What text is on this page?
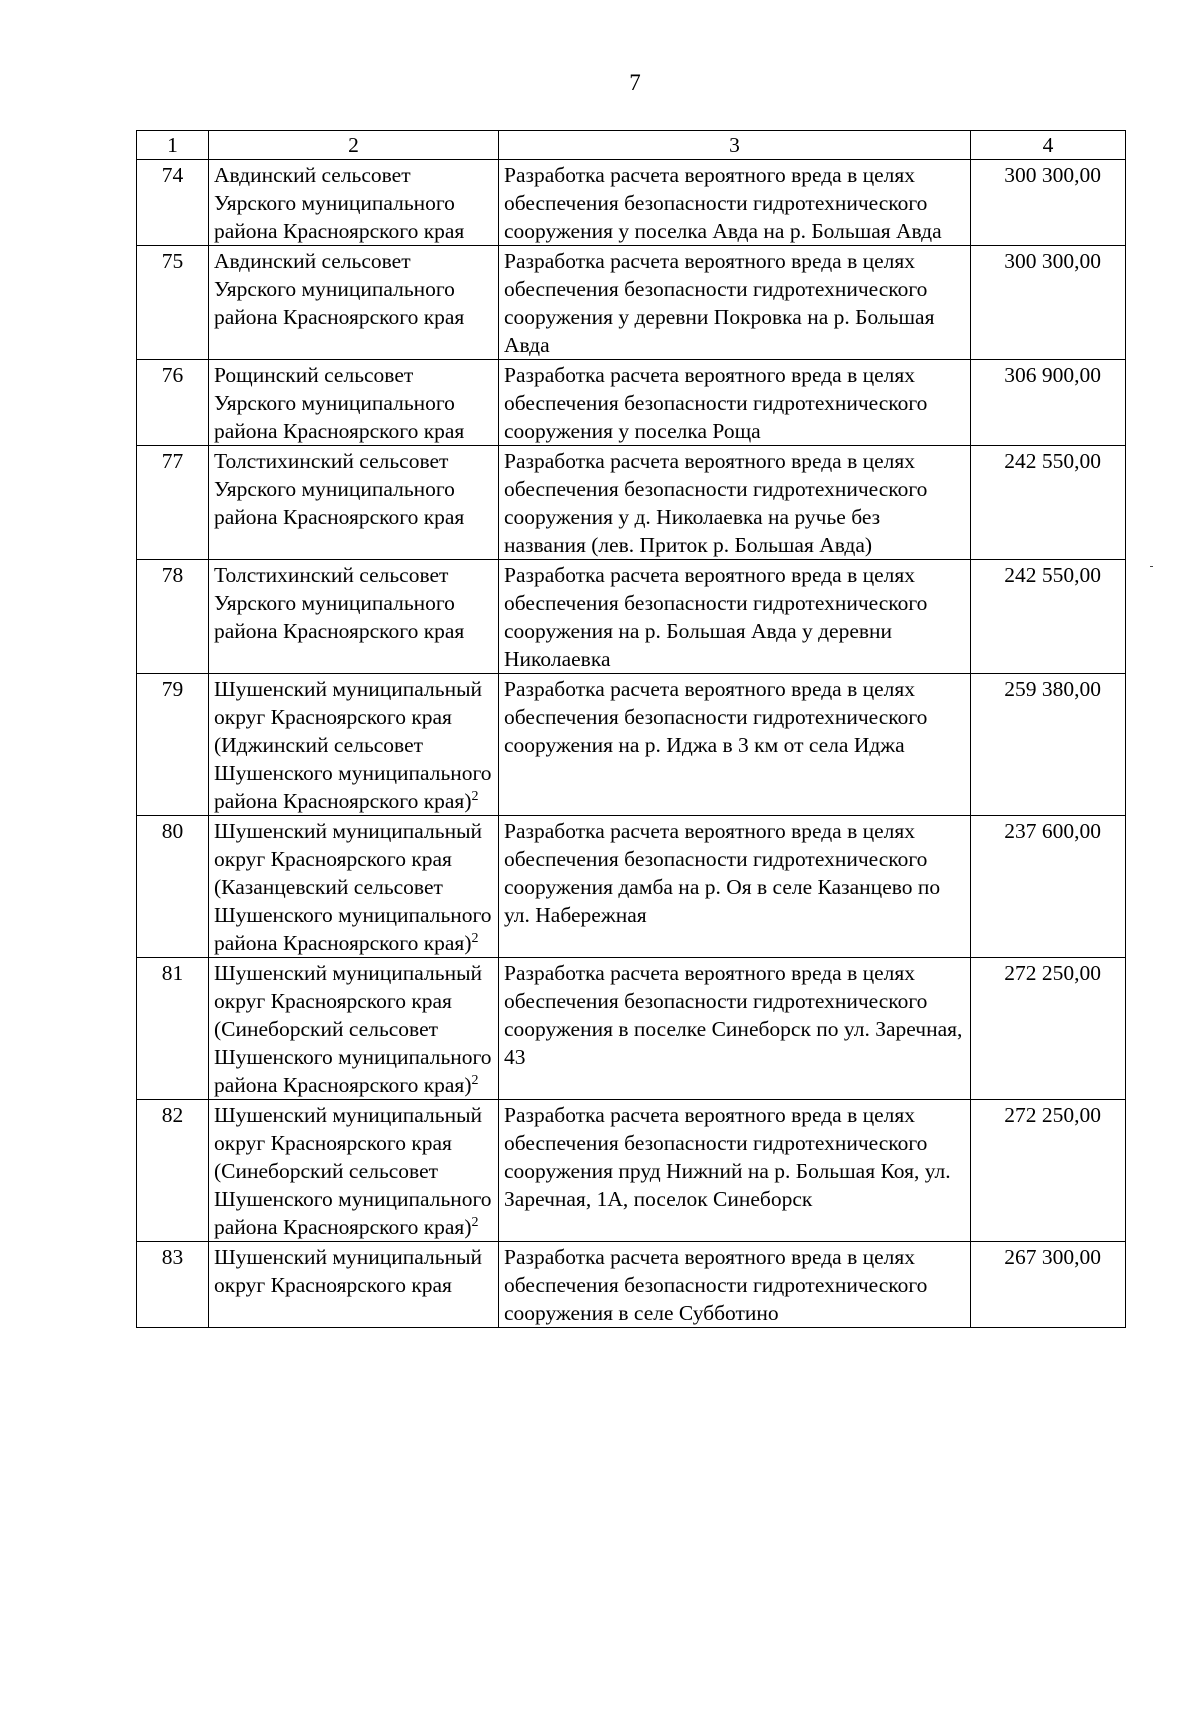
7
1	2	3	4
74	Авдинский сельсовет Уярского муниципального района Красноярского края	Разработка расчета вероятного вреда в целях обеспечения безопасности гидротехнического сооружения у поселка Авда на р. Большая Авда	300 300,00
75	Авдинский сельсовет Уярского муниципального района Красноярского края	Разработка расчета вероятного вреда в целях обеспечения безопасности гидротехнического сооружения у деревни Покровка на р. Большая Авда	300 300,00
76	Рощинский сельсовет Уярского муниципального района Красноярского края	Разработка расчета вероятного вреда в целях обеспечения безопасности гидротехнического сооружения у поселка Роща	306 900,00
77	Толстихинский сельсовет Уярского муниципального района Красноярского края	Разработка расчета вероятного вреда в целях обеспечения безопасности гидротехнического сооружения у д. Николаевка на ручье без названия (лев. Приток р. Большая Авда)	242 550,00
78	Толстихинский сельсовет Уярского муниципального района Красноярского края	Разработка расчета вероятного вреда в целях обеспечения безопасности гидротехнического сооружения на р. Большая Авда у деревни Николаевка	242 550,00
79	Шушенский муниципальный округ Красноярского края (Иджинский сельсовет Шушенского муниципального района Красноярского края)$^2$	Разработка расчета вероятного вреда в целях обеспечения безопасности гидротехнического сооружения на р. Иджа в 3 км от села Иджа	259 380,00
80	Шушенский муниципальный округ Красноярского края (Казанцевский сельсовет Шушенского муниципального района Красноярского края)$^2$	Разработка расчета вероятного вреда в целях обеспечения безопасности гидротехнического сооружения дамба на р. Оя в селе Казанцево по ул. Набережная	237 600,00
81	Шушенский муниципальный округ Красноярского края (Синеборский сельсовет Шушенского муниципального района Красноярского края)$^2$	Разработка расчета вероятного вреда в целях обеспечения безопасности гидротехнического сооружения в поселке Синеборск по ул. Заречная, 43	272 250,00
82	Шушенский муниципальный округ Красноярского края (Синеборский сельсовет Шушенского муниципального района Красноярского края)$^2$	Разработка расчета вероятного вреда в целях обеспечения безопасности гидротехнического сооружения пруд Нижний на р. Большая Коя, ул. Заречная, 1А, поселок Синеборск	272 250,00
83	Шушенский муниципальный округ Красноярского края	Разработка расчета вероятного вреда в целях обеспечения безопасности гидротехнического сооружения в селе Субботино	267 300,00
